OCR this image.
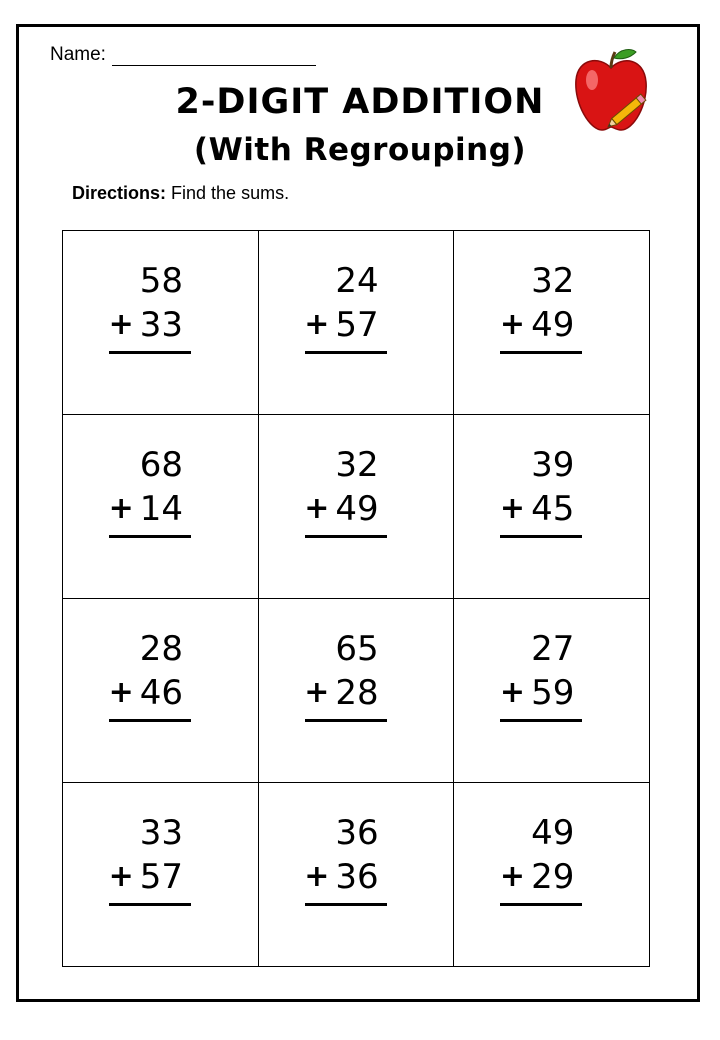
Name:
2-DIGIT ADDITION
(With Regrouping)
Directions: Find the sums.
58
+ 33
24
+ 57
32
+ 49
68
+ 14
32
+ 49
39
+ 45
28
+ 46
65
+ 28
27
+ 59
33
+ 57
36
+ 36
49
+ 29
